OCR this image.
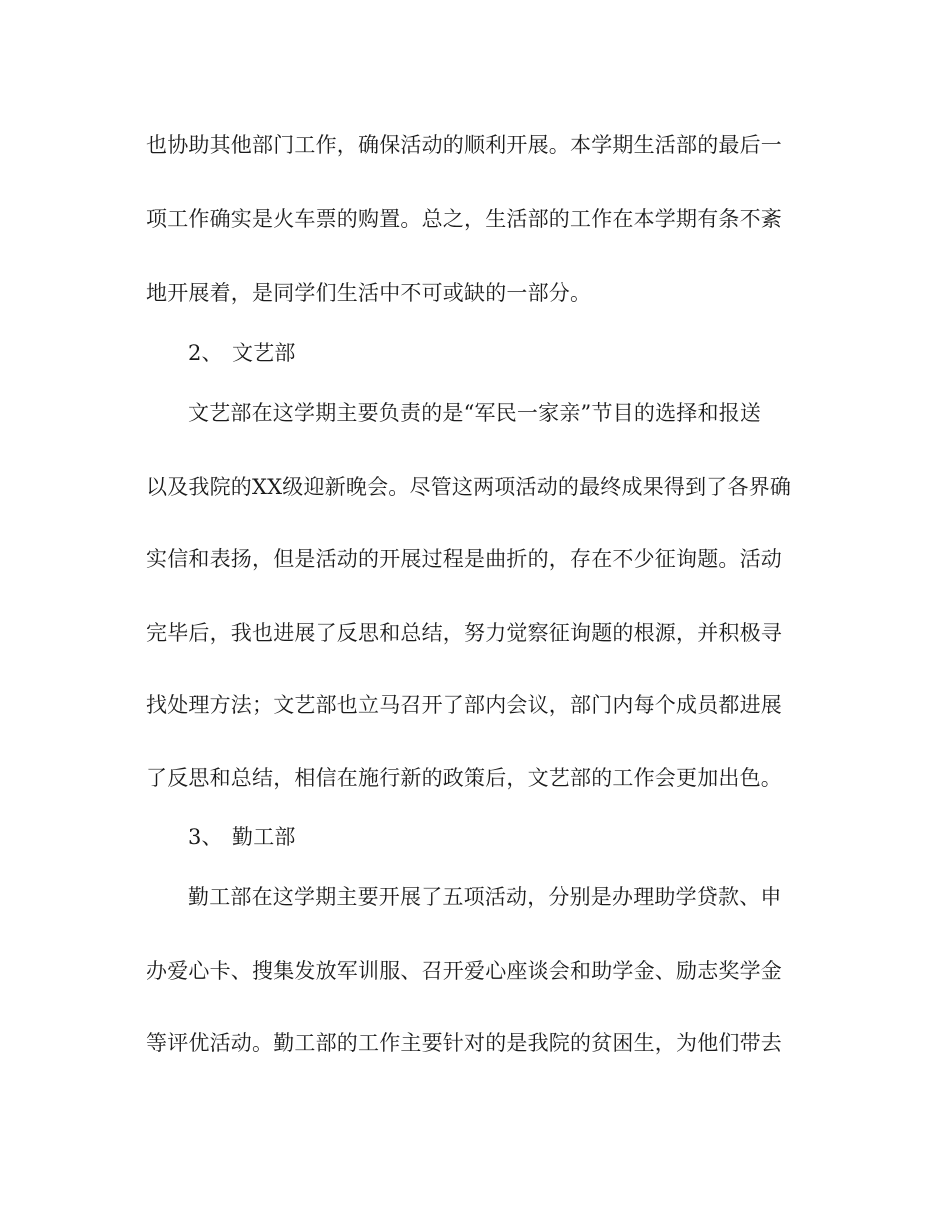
也协助其他部门工作，确保活动的顺利开展。本学期生活部的最后一
项工作确实是火车票的购置。总之，生活部的工作在本学期有条不紊
地开展着，是同学们生活中不可或缺的一部分。
2、 文艺部
文艺部在这学期主要负责的是“军民一家亲”节目的选择和报送
以及我院的XX级迎新晚会。尽管这两项活动的最终成果得到了各界确
实信和表扬，但是活动的开展过程是曲折的，存在不少征询题。活动
完毕后，我也进展了反思和总结，努力觉察征询题的根源，并积极寻
找处理方法；文艺部也立马召开了部内会议，部门内每个成员都进展
了反思和总结，相信在施行新的政策后，文艺部的工作会更加出色。
3、 勤工部
勤工部在这学期主要开展了五项活动，分别是办理助学贷款、申
办爱心卡、搜集发放军训服、召开爱心座谈会和助学金、励志奖学金
等评优活动。勤工部的工作主要针对的是我院的贫困生，为他们带去
